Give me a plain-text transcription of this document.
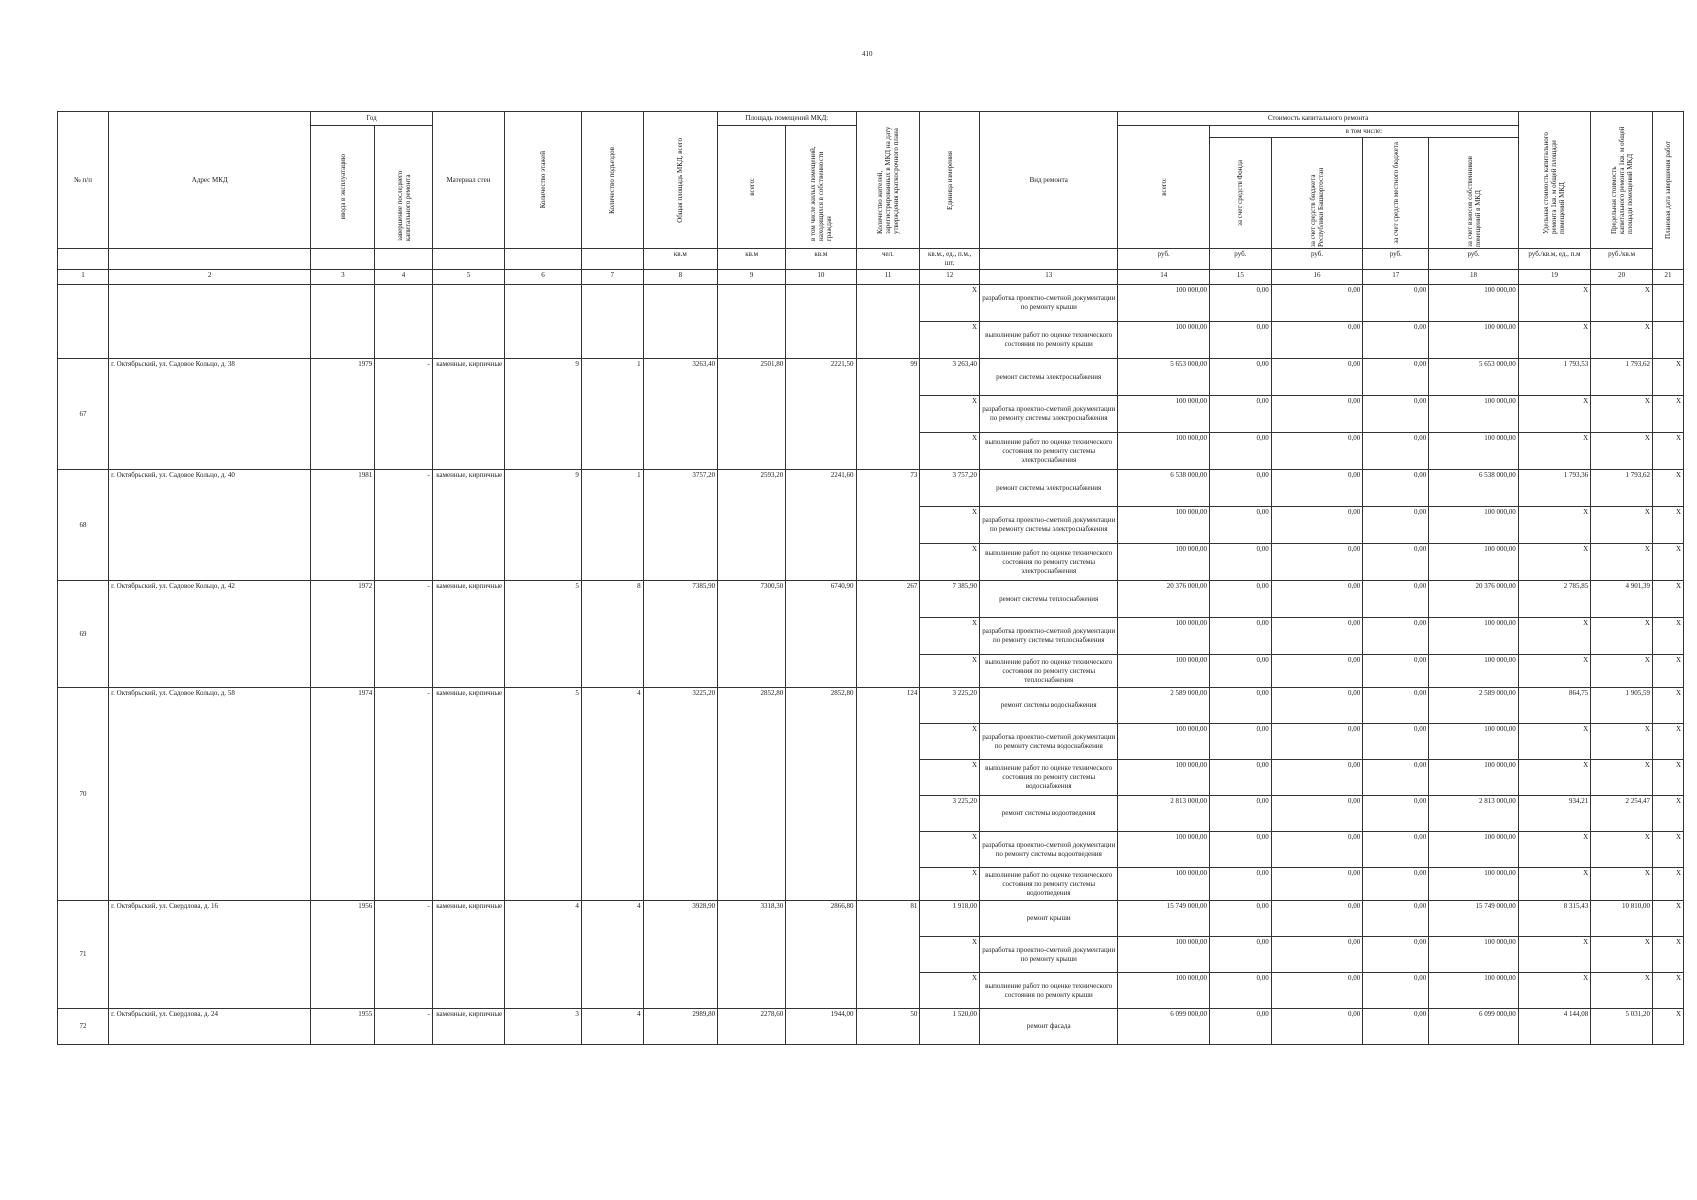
410
№ п/п	Адрес МКД	Год		Материал стен	Количество этажей	Количество подъездов	Общая площадь МКД, всего	Площадь помещений МКД:		Количество жителей, зарегистрированных в МКД на дату утверждения краткосрочного плана	Единица измерения	Вид ремонта	Стоимость капитального ремонта					Удельная стоимость капитального ремонта 1кв. м общей площади помещений МКД	Предельная стоимость капитального ремонта 1кв. м общей площади помещений МКД	Плановая дата завершения работ

		ввода в эксплуатацию	завершение последнего капитального ремонта					всего:	в том числе жилых помещений, находящихся в собственности граждан				всего:	в том числе:						

														за счет средств Фонда	за счет средств бюджета Республики Башкортостан	за счет средств местного бюджета	за счет взносов собственников помещений в МКД			

							кв.м	кв.м	кв.м	чел.	кв.м., ед., п.м., шт.		руб.	руб.	руб.	руб.	руб.	руб./кв.м, ед., п.м	руб./кв.м	
1	2	3	4	5	6	7	8	9	10	11	12	13	14	15	16	17	18	19	20	21
											X	разработка проектно-сметной документации по ремонту крыши	100 000,00	0,00	0,00	0,00	100 000,00	X	X	
											X	выполнение работ по оценке технического состояния по ремонту крыши	100 000,00	0,00	0,00	0,00	100 000,00	X	X	
67	г. Октябрьский, ул. Садовое Кольцо, д. 38	1979	-	каменные, кирпичные	9	1	3263,40	2501,80	2221,50	99	3 263,40	ремонт системы электроснабжения	5 653 000,00	0,00	0,00	0,00	5 653 000,00	1 793,53	1 793,62	X
											X	разработка проектно-сметной документации по ремонту системы электроснабжения	100 000,00	0,00	0,00	0,00	100 000,00	X	X	X
											X	выполнение работ по оценке технического состояния по ремонту системы электроснабжения	100 000,00	0,00	0,00	0,00	100 000,00	X	X	X
68	г. Октябрьский, ул. Садовое Кольцо, д. 40	1981	-	каменные, кирпичные	9	1	3757,20	2593,20	2241,60	73	3 757,20	ремонт системы электроснабжения	6 538 000,00	0,00	0,00	0,00	6 538 000,00	1 793,36	1 793,62	X
											X	разработка проектно-сметной документации по ремонту системы электроснабжения	100 000,00	0,00	0,00	0,00	100 000,00	X	X	X
											X	выполнение работ по оценке технического состояния по ремонту системы электроснабжения	100 000,00	0,00	0,00	0,00	100 000,00	X	X	X
69	г. Октябрьский, ул. Садовое Кольцо, д. 42	1972	-	каменные, кирпичные	5	8	7385,90	7300,50	6740,90	267	7 385,90	ремонт системы теплоснабжения	20 376 000,00	0,00	0,00	0,00	20 376 000,00	2 785,85	4 901,39	X
											X	разработка проектно-сметной документации по ремонту системы теплоснабжения	100 000,00	0,00	0,00	0,00	100 000,00	X	X	X
											X	выполнение работ по оценке технического состояния по ремонту системы теплоснабжения	100 000,00	0,00	0,00	0,00	100 000,00	X	X	X
70	г. Октябрьский, ул. Садовое Кольцо, д. 58	1974	-	каменные, кирпичные	5	4	3225,20	2852,80	2852,80	124	3 225,20	ремонт системы водоснабжения	2 589 000,00	0,00	0,00	0,00	2 589 000,00	864,75	1 905,59	X
											X	разработка проектно-сметной документации по ремонту системы водоснабжения	100 000,00	0,00	0,00	0,00	100 000,00	X	X	X
											X	выполнение работ по оценке технического состояния по ремонту системы водоснабжения	100 000,00	0,00	0,00	0,00	100 000,00	X	X	X
											3 225,20	ремонт системы водоотведения	2 813 000,00	0,00	0,00	0,00	2 813 000,00	934,21	2 254,47	X
											X	разработка проектно-сметной документации по ремонту системы водоотведения	100 000,00	0,00	0,00	0,00	100 000,00	X	X	X
											X	выполнение работ по оценке технического состояния по ремонту системы водоотведения	100 000,00	0,00	0,00	0,00	100 000,00	X	X	X
71	г. Октябрьский, ул. Свердлова, д. 16	1956	-	каменные, кирпичные	4	4	3928,90	3318,30	2866,80	81	1 918,00	ремонт крыши	15 749 000,00	0,00	0,00	0,00	15 749 000,00	8 315,43	10 810,00	X
											X	разработка проектно-сметной документации по ремонту крыши	100 000,00	0,00	0,00	0,00	100 000,00	X	X	X
											X	выполнение работ по оценке технического состояния по ремонту крыши	100 000,00	0,00	0,00	0,00	100 000,00	X	X	X
72	г. Октябрьский, ул. Свердлова, д. 24	1955	-	каменные, кирпичные	3	4	2989,80	2278,60	1944,00	50	1 520,00	ремонт фасада	6 099 000,00	0,00	0,00	0,00	6 099 000,00	4 144,08	5 031,20	X
